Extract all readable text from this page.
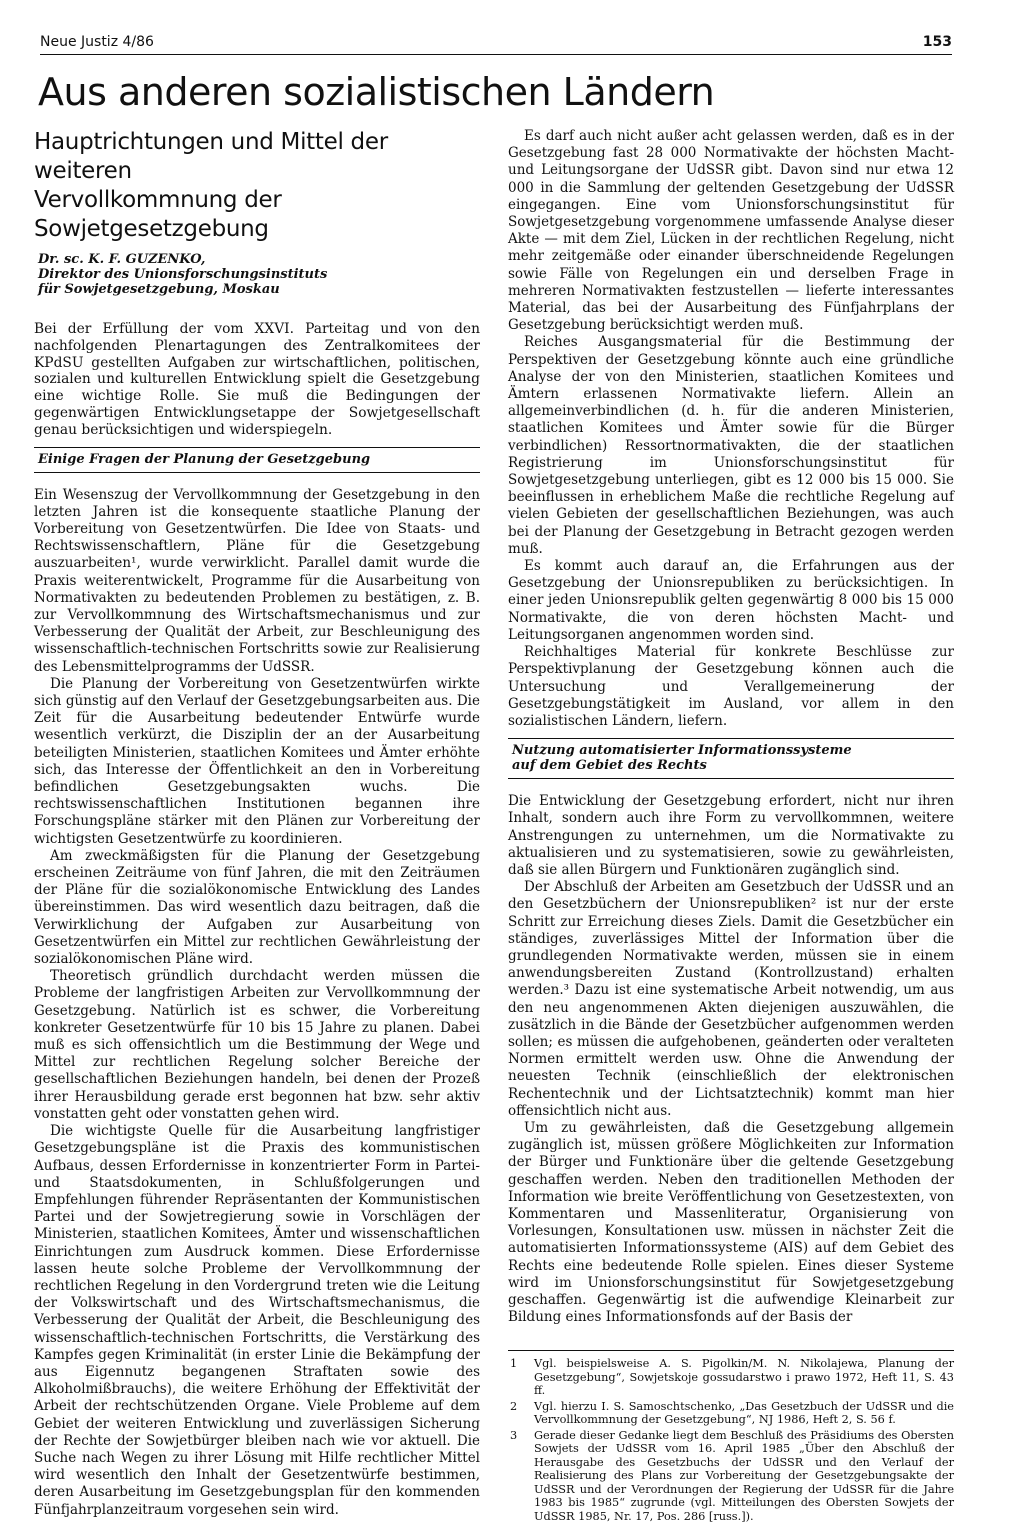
Neue Justiz 4/86	153
Aus anderen sozialistischen Ländern
Hauptrichtungen und Mittel der weiteren
Vervollkommnung der Sowjetgesetzgebung
Dr. sc. K. F. GUZENKO,
Direktor des Unionsforschungsinstituts
für Sowjetgesetzgebung, Moskau

Bei der Erfüllung der vom XXVI. Parteitag und von den nachfolgenden Plenartagungen des Zentralkomitees der KPdSU gestellten Aufgaben zur wirtschaftlichen, politischen, sozialen und kulturellen Entwicklung spielt die Gesetzgebung eine wichtige Rolle. Sie muß die Bedingungen der gegenwärtigen Entwicklungsetappe der Sowjetgesellschaft genau berücksichtigen und widerspiegeln.

Einige Fragen der Planung der Gesetzgebung

Ein Wesenszug der Vervollkommnung der Gesetzgebung in den letzten Jahren ist die konsequente staatliche Planung der Vorbereitung von Gesetzentwürfen. Die Idee von Staats- und Rechtswissenschaftlern, Pläne für die Gesetzgebung auszuarbeiten¹, wurde verwirklicht. Parallel damit wurde die Praxis weiterentwickelt, Programme für die Ausarbeitung von Normativakten zu bedeutenden Problemen zu bestätigen, z. B. zur Vervollkommnung des Wirtschaftsmechanismus und zur Verbesserung der Qualität der Arbeit, zur Beschleunigung des wissenschaftlich-technischen Fortschritts sowie zur Realisierung des Lebensmittelprogramms der UdSSR.

Die Planung der Vorbereitung von Gesetzentwürfen wirkte sich günstig auf den Verlauf der Gesetzgebungsarbeiten aus. Die Zeit für die Ausarbeitung bedeutender Entwürfe wurde wesentlich verkürzt, die Disziplin der an der Ausarbeitung beteiligten Ministerien, staatlichen Komitees und Ämter erhöhte sich, das Interesse der Öffentlichkeit an den in Vorbereitung befindlichen Gesetzgebungsakten wuchs. Die rechtswissenschaftlichen Institutionen begannen ihre Forschungspläne stärker mit den Plänen zur Vorbereitung der wichtigsten Gesetzentwürfe zu koordinieren.

Am zweckmäßigsten für die Planung der Gesetzgebung erscheinen Zeiträume von fünf Jahren, die mit den Zeiträumen der Pläne für die sozialökonomische Entwicklung des Landes übereinstimmen. Das wird wesentlich dazu beitragen, daß die Verwirklichung der Aufgaben zur Ausarbeitung von Gesetzentwürfen ein Mittel zur rechtlichen Gewährleistung der sozialökonomischen Pläne wird.

Theoretisch gründlich durchdacht werden müssen die Probleme der langfristigen Arbeiten zur Vervollkommnung der Gesetzgebung. Natürlich ist es schwer, die Vorbereitung konkreter Gesetzentwürfe für 10 bis 15 Jahre zu planen. Dabei muß es sich offensichtlich um die Bestimmung der Wege und Mittel zur rechtlichen Regelung solcher Bereiche der gesellschaftlichen Beziehungen handeln, bei denen der Prozeß ihrer Herausbildung gerade erst begonnen hat bzw. sehr aktiv vonstatten geht oder vonstatten gehen wird.

Die wichtigste Quelle für die Ausarbeitung langfristiger Gesetzgebungspläne ist die Praxis des kommunistischen Aufbaus, dessen Erfordernisse in konzentrierter Form in Partei- und Staatsdokumenten, in Schlußfolgerungen und Empfehlungen führender Repräsentanten der Kommunistischen Partei und der Sowjetregierung sowie in Vorschlägen der Ministerien, staatlichen Komitees, Ämter und wissenschaftlichen Einrichtungen zum Ausdruck kommen. Diese Erfordernisse lassen heute solche Probleme der Vervollkommnung der rechtlichen Regelung in den Vordergrund treten wie die Leitung der Volkswirtschaft und des Wirtschaftsmechanismus, die Verbesserung der Qualität der Arbeit, die Beschleunigung des wissenschaftlich-technischen Fortschritts, die Verstärkung des Kampfes gegen Kriminalität (in erster Linie die Bekämpfung der aus Eigennutz begangenen Straftaten sowie des Alkoholmißbrauchs), die weitere Erhöhung der Effektivität der Arbeit der rechtschützenden Organe. Viele Probleme auf dem Gebiet der weiteren Entwicklung und zuverlässigen Sicherung der Rechte der Sowjetbürger bleiben nach wie vor aktuell. Die Suche nach Wegen zu ihrer Lösung mit Hilfe rechtlicher Mittel wird wesentlich den Inhalt der Gesetzentwürfe bestimmen, deren Ausarbeitung im Gesetzgebungsplan für den kommenden Fünfjahrplanzeitraum vorgesehen sein wird.

Es darf auch nicht außer acht gelassen werden, daß es in der Gesetzgebung fast 28 000 Normativakte der höchsten Macht- und Leitungsorgane der UdSSR gibt. Davon sind nur etwa 12 000 in die Sammlung der geltenden Gesetzgebung der UdSSR eingegangen. Eine vom Unionsforschungsinstitut für Sowjetgesetzgebung vorgenommene umfassende Analyse dieser Akte — mit dem Ziel, Lücken in der rechtlichen Regelung, nicht mehr zeitgemäße oder einander überschneidende Regelungen sowie Fälle von Regelungen ein und derselben Frage in mehreren Normativakten festzustellen — lieferte interessantes Material, das bei der Ausarbeitung des Fünfjahrplans der Gesetzgebung berücksichtigt werden muß.

Reiches Ausgangsmaterial für die Bestimmung der Perspektiven der Gesetzgebung könnte auch eine gründliche Analyse der von den Ministerien, staatlichen Komitees und Ämtern erlassenen Normativakte liefern. Allein an allgemeinverbindlichen (d. h. für die anderen Ministerien, staatlichen Komitees und Ämter sowie für die Bürger verbindlichen) Ressortnormativakten, die der staatlichen Registrierung im Unionsforschungsinstitut für Sowjetgesetzgebung unterliegen, gibt es 12 000 bis 15 000. Sie beeinflussen in erheblichem Maße die rechtliche Regelung auf vielen Gebieten der gesellschaftlichen Beziehungen, was auch bei der Planung der Gesetzgebung in Betracht gezogen werden muß.

Es kommt auch darauf an, die Erfahrungen aus der Gesetzgebung der Unionsrepubliken zu berücksichtigen. In einer jeden Unionsrepublik gelten gegenwärtig 8 000 bis 15 000 Normativakte, die von deren höchsten Macht- und Leitungsorganen angenommen worden sind.

Reichhaltiges Material für konkrete Beschlüsse zur Perspektivplanung der Gesetzgebung können auch die Untersuchung und Verallgemeinerung der Gesetzgebungstätigkeit im Ausland, vor allem in den sozialistischen Ländern, liefern.

Nutzung automatisierter Informationssysteme
auf dem Gebiet des Rechts

Die Entwicklung der Gesetzgebung erfordert, nicht nur ihren Inhalt, sondern auch ihre Form zu vervollkommnen, weitere Anstrengungen zu unternehmen, um die Normativakte zu aktualisieren und zu systematisieren, sowie zu gewährleisten, daß sie allen Bürgern und Funktionären zugänglich sind.

Der Abschluß der Arbeiten am Gesetzbuch der UdSSR und an den Gesetzbüchern der Unionsrepubliken² ist nur der erste Schritt zur Erreichung dieses Ziels. Damit die Gesetzbücher ein ständiges, zuverlässiges Mittel der Information über die grundlegenden Normativakte werden, müssen sie in einem anwendungsbereiten Zustand (Kontrollzustand) erhalten werden.³ Dazu ist eine systematische Arbeit notwendig, um aus den neu angenommenen Akten diejenigen auszuwählen, die zusätzlich in die Bände der Gesetzbücher aufgenommen werden sollen; es müssen die aufgehobenen, geänderten oder veralteten Normen ermittelt werden usw. Ohne die Anwendung der neuesten Technik (einschließlich der elektronischen Rechentechnik und der Lichtsatztechnik) kommt man hier offensichtlich nicht aus.

Um zu gewährleisten, daß die Gesetzgebung allgemein zugänglich ist, müssen größere Möglichkeiten zur Information der Bürger und Funktionäre über die geltende Gesetzgebung geschaffen werden. Neben den traditionellen Methoden der Information wie breite Veröffentlichung von Gesetzestexten, von Kommentaren und Massenliteratur, Organisierung von Vorlesungen, Konsultationen usw. müssen in nächster Zeit die automatisierten Informationssysteme (AIS) auf dem Gebiet des Rechts eine bedeutende Rolle spielen. Eines dieser Systeme wird im Unionsforschungsinstitut für Sowjetgesetzgebung geschaffen. Gegenwärtig ist die aufwendige Kleinarbeit zur Bildung eines Informationsfonds auf der Basis der

1 Vgl. beispielsweise A. S. Pigolkin/M. N. Nikolajewa, Planung der Gesetzgebung“, Sowjetskoje gossudarstwo i prawo 1972, Heft 11, S. 43 ff.
2 Vgl. hierzu I. S. Samoschtschenko, „Das Gesetzbuch der UdSSR und die Vervollkommnung der Gesetzgebung“, NJ 1986, Heft 2, S. 56 f.
3 Gerade dieser Gedanke liegt dem Beschluß des Präsidiums des Obersten Sowjets der UdSSR vom 16. April 1985 „Über den Abschluß der Herausgabe des Gesetzbuchs der UdSSR und den Verlauf der Realisierung des Plans zur Vorbereitung der Gesetzgebungsakte der UdSSR und der Verordnungen der Regierung der UdSSR für die Jahre 1983 bis 1985“ zugrunde (vgl. Mitteilungen des Obersten Sowjets der UdSSR 1985, Nr. 17, Pos. 286 [russ.]).
